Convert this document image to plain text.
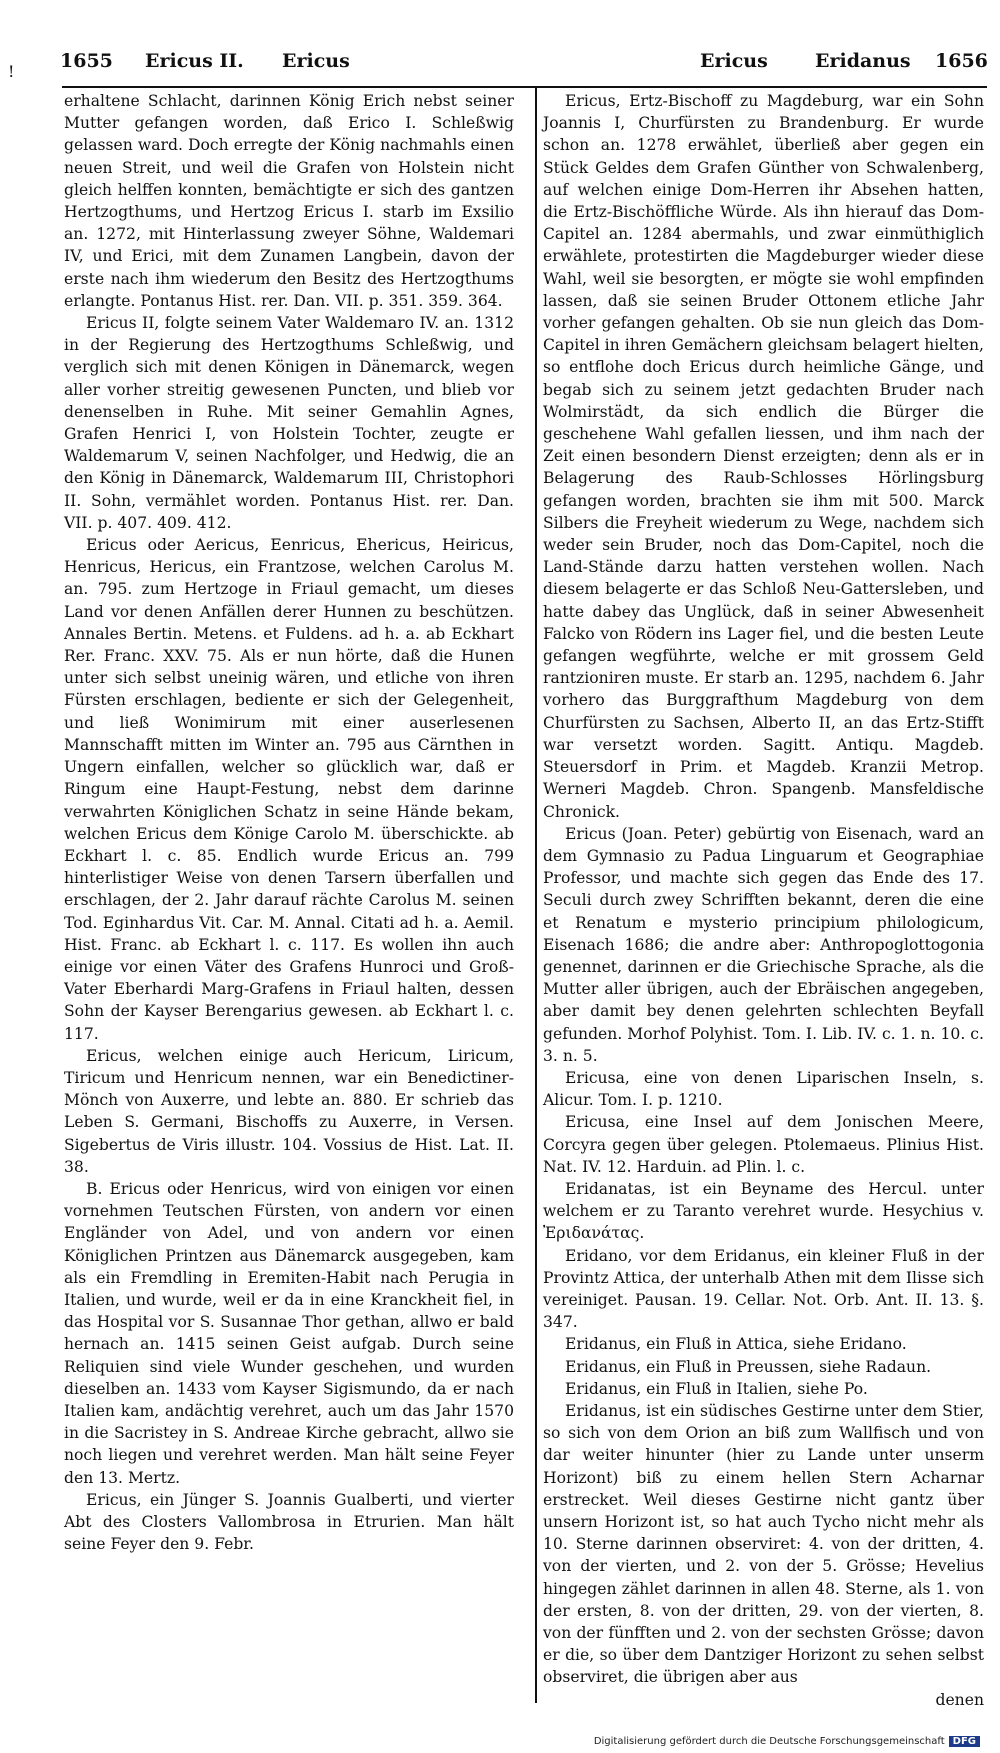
! 1655 Ericus II. Ericus	Ericus Eridanus 1656

erhaltene Schlacht, darinnen König Erich nebst seiner Mutter gefangen worden, daß Erico I. Schleßwig gelassen ward. Doch erregte der König nachmahls einen neuen Streit, und weil die Grafen von Holstein nicht gleich helffen konnten, bemächtigte er sich des gantzen Hertzogthums, und Hertzog Ericus I. starb im Exsilio an. 1272, mit Hinterlassung zweyer Söhne, Waldemari IV, und Erici, mit dem Zunamen Langbein, davon der erste nach ihm wiederum den Besitz des Hertzogthums erlangte. Pontanus Hist. rer. Dan. VII. p. 351. 359. 364.

Ericus II, folgte seinem Vater Waldemaro IV. an. 1312 in der Regierung des Hertzogthums Schleßwig, und verglich sich mit denen Königen in Dänemarck, wegen aller vorher streitig gewesenen Puncten, und blieb vor denenselben in Ruhe. Mit seiner Gemahlin Agnes, Grafen Henrici I, von Holstein Tochter, zeugte er Waldemarum V, seinen Nachfolger, und Hedwig, die an den König in Dänemarck, Waldemarum III, Christophori II. Sohn, vermählet worden. Pontanus Hist. rer. Dan. VII. p. 407. 409. 412.

Ericus oder Aericus, Eenricus, Ehericus, Heiricus, Henricus, Hericus, ein Frantzose, welchen Carolus M. an. 795. zum Hertzoge in Friaul gemacht, um dieses Land vor denen Anfällen derer Hunnen zu beschützen. Annales Bertin. Metens. et Fuldens. ad h. a. ab Eckhart Rer. Franc. XXV. 75. Als er nun hörte, daß die Hunen unter sich selbst uneinig wären, und etliche von ihren Fürsten erschlagen, bediente er sich der Gelegenheit, und ließ Wonimirum mit einer auserlesenen Mannschafft mitten im Winter an. 795 aus Cärnthen in Ungern einfallen, welcher so glücklich war, daß er Ringum eine Haupt-Festung, nebst dem darinne verwahrten Königlichen Schatz in seine Hände bekam, welchen Ericus dem Könige Carolo M. überschickte. ab Eckhart l. c. 85. Endlich wurde Ericus an. 799 hinterlistiger Weise von denen Tarsern überfallen und erschlagen, der 2. Jahr darauf rächte Carolus M. seinen Tod. Eginhardus Vit. Car. M. Annal. Citati ad h. a. Aemil. Hist. Franc. ab Eckhart l. c. 117. Es wollen ihn auch einige vor einen Väter des Grafens Hunroci und Groß-Vater Eberhardi Marg-Grafens in Friaul halten, dessen Sohn der Kayser Berengarius gewesen. ab Eckhart l. c. 117.

Ericus, welchen einige auch Hericum, Liricum, Tiricum und Henricum nennen, war ein Benedictiner-Mönch von Auxerre, und lebte an. 880. Er schrieb das Leben S. Germani, Bischoffs zu Auxerre, in Versen. Sigebertus de Viris illustr. 104. Vossius de Hist. Lat. II. 38.

B. Ericus oder Henricus, wird von einigen vor einen vornehmen Teutschen Fürsten, von andern vor einen Engländer von Adel, und von andern vor einen Königlichen Printzen aus Dänemarck ausgegeben, kam als ein Fremdling in Eremiten-Habit nach Perugia in Italien, und wurde, weil er da in eine Kranckheit fiel, in das Hospital vor S. Susannae Thor gethan, allwo er bald hernach an. 1415 seinen Geist aufgab. Durch seine Reliquien sind viele Wunder geschehen, und wurden dieselben an. 1433 vom Kayser Sigismundo, da er nach Italien kam, andächtig verehret, auch um das Jahr 1570 in die Sacristey in S. Andreae Kirche gebracht, allwo sie noch liegen und verehret werden. Man hält seine Feyer den 13. Mertz.

Ericus, ein Jünger S. Joannis Gualberti, und vierter Abt des Closters Vallombrosa in Etrurien. Man hält seine Feyer den 9. Febr.

Ericus, Ertz-Bischoff zu Magdeburg, war ein Sohn Joannis I, Churfürsten zu Brandenburg. Er wurde schon an. 1278 erwählet, überließ aber gegen ein Stück Geldes dem Grafen Günther von Schwalenberg, auf welchen einige Dom-Herren ihr Absehen hatten, die Ertz-Bischöffliche Würde. Als ihn hierauf das Dom-Capitel an. 1284 abermahls, und zwar einmüthiglich erwählete, protestirten die Magdeburger wieder diese Wahl, weil sie besorgten, er mögte sie wohl empfinden lassen, daß sie seinen Bruder Ottonem etliche Jahr vorher gefangen gehalten. Ob sie nun gleich das Dom-Capitel in ihren Gemächern gleichsam belagert hielten, so entflohe doch Ericus durch heimliche Gänge, und begab sich zu seinem jetzt gedachten Bruder nach Wolmirstädt, da sich endlich die Bürger die geschehene Wahl gefallen liessen, und ihm nach der Zeit einen besondern Dienst erzeigten; denn als er in Belagerung des Raub-Schlosses Hörlingsburg gefangen worden, brachten sie ihm mit 500. Marck Silbers die Freyheit wiederum zu Wege, nachdem sich weder sein Bruder, noch das Dom-Capitel, noch die Land-Stände darzu hatten verstehen wollen. Nach diesem belagerte er das Schloß Neu-Gattersleben, und hatte dabey das Unglück, daß in seiner Abwesenheit Falcko von Rödern ins Lager fiel, und die besten Leute gefangen wegführte, welche er mit grossem Geld rantzioniren muste. Er starb an. 1295, nachdem 6. Jahr vorhero das Burggrafthum Magdeburg von dem Churfürsten zu Sachsen, Alberto II, an das Ertz-Stifft war versetzt worden. Sagitt. Antiqu. Magdeb. Steuersdorf in Prim. et Magdeb. Kranzii Metrop. Werneri Magdeb. Chron. Spangenb. Mansfeldische Chronick.

Ericus (Joan. Peter) gebürtig von Eisenach, ward an dem Gymnasio zu Padua Linguarum et Geographiae Professor, und machte sich gegen das Ende des 17. Seculi durch zwey Schrifften bekannt, deren die eine et Renatum e mysterio principium philologicum, Eisenach 1686; die andre aber: Anthropoglottogonia genennet, darinnen er die Griechische Sprache, als die Mutter aller übrigen, auch der Ebräischen angegeben, aber damit bey denen gelehrten schlechten Beyfall gefunden. Morhof Polyhist. Tom. I. Lib. IV. c. 1. n. 10. c. 3. n. 5.

Ericusa, eine von denen Liparischen Inseln, s. Alicur. Tom. I. p. 1210.

Ericusa, eine Insel auf dem Jonischen Meere, Corcyra gegen über gelegen. Ptolemaeus. Plinius Hist. Nat. IV. 12. Harduin. ad Plin. l. c.

Eridanatas, ist ein Beyname des Hercul. unter welchem er zu Taranto verehret wurde. Hesychius v. Ἐριδανάτας.

Eridano, vor dem Eridanus, ein kleiner Fluß in der Provintz Attica, der unterhalb Athen mit dem Ilisse sich vereiniget. Pausan. 19. Cellar. Not. Orb. Ant. II. 13. §. 347.

Eridanus, ein Fluß in Attica, siehe Eridano.

Eridanus, ein Fluß in Preussen, siehe Radaun.

Eridanus, ein Fluß in Italien, siehe Po.

Eridanus, ist ein südisches Gestirne unter dem Stier, so sich von dem Orion an biß zum Wallfisch und von dar weiter hinunter (hier zu Lande unter unserm Horizont) biß zu einem hellen Stern Acharnar erstrecket. Weil dieses Gestirne nicht gantz über unsern Horizont ist, so hat auch Tycho nicht mehr als 10. Sterne darinnen observiret: 4. von der dritten, 4. von der vierten, und 2. von der 5. Grösse; Hevelius hingegen zählet darinnen in allen 48. Sterne, als 1. von der ersten, 8. von der dritten, 29. von der vierten, 8. von der fünfften und 2. von der sechsten Grösse; davon er die, so über dem Dantziger Horizont zu sehen selbst observiret, die übrigen aber aus

denen

Digitalisierung gefördert durch die Deutsche Forschungsgemeinschaft DFG
